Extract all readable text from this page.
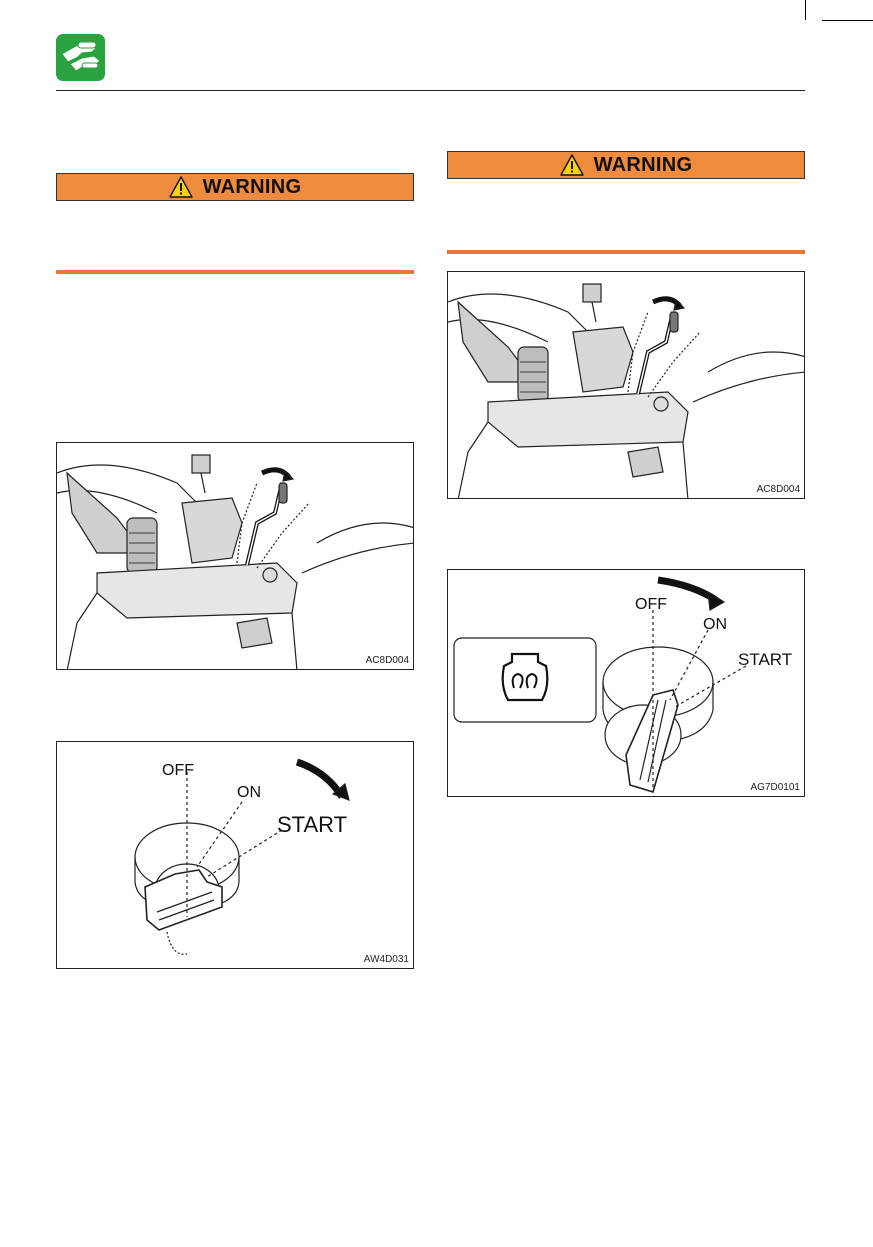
WARNING
AC8D004
OFF
ON
START
AW4D031
WARNING
AC8D004
OFF
ON
START
AG7D0101
